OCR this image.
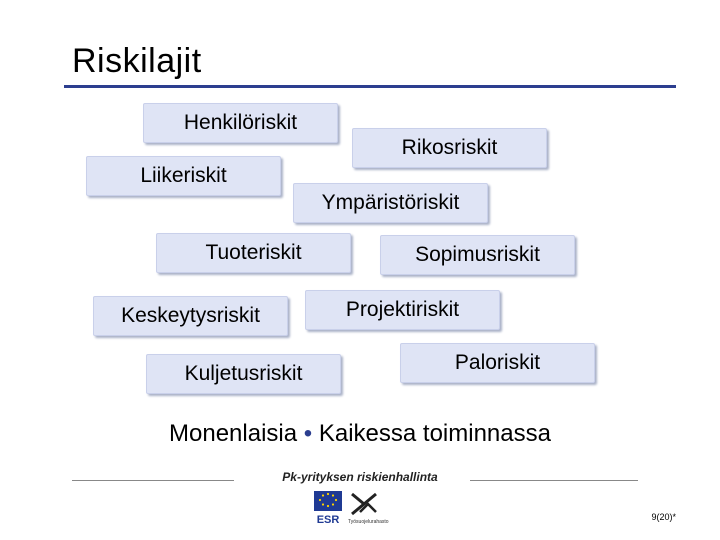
Riskilajit
Henkilöriskit
Rikosriskit
Liikeriskit
Ympäristöriskit
Tuoteriskit	Sopimusriskit
Keskeytysriskit	Projektiriskit
Kuljetusriskit	Paloriskit
Monenlaisia • Kaikessa toiminnassa
Pk-yrityksen riskienhallinta
ESR Työsuojelurahasto	9(20)*
